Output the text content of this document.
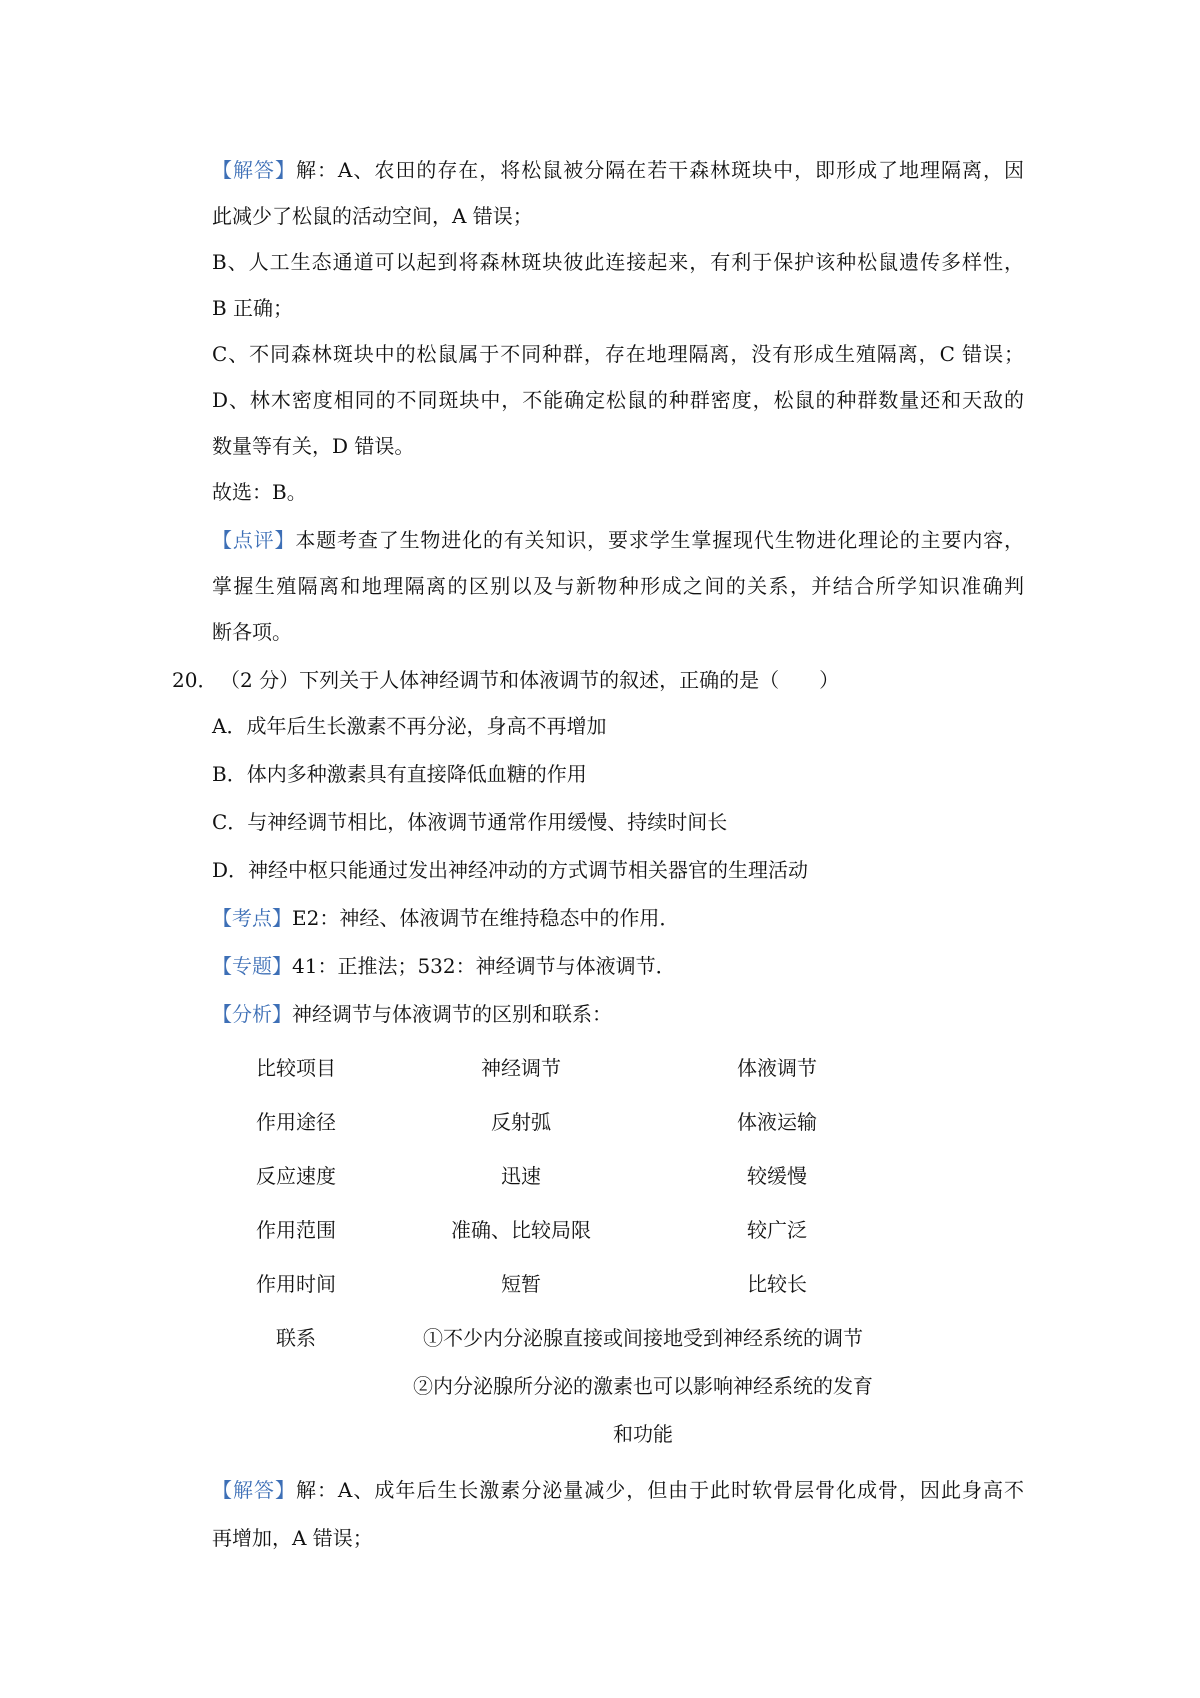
【解答】解：A、农田的存在，将松鼠被分隔在若干森林斑块中，即形成了地理隔离，因
此减少了松鼠的活动空间，A 错误；
B、人工生态通道可以起到将森林斑块彼此连接起来，有利于保护该种松鼠遗传多样性，
B 正确；
C、不同森林斑块中的松鼠属于不同种群，存在地理隔离，没有形成生殖隔离，C 错误；
D、林木密度相同的不同斑块中，不能确定松鼠的种群密度，松鼠的种群数量还和天敌的
数量等有关，D 错误。
故选：B。
【点评】本题考查了生物进化的有关知识，要求学生掌握现代生物进化理论的主要内容，
掌握生殖隔离和地理隔离的区别以及与新物种形成之间的关系，并结合所学知识准确判
断各项。
20． （2 分）下列关于人体神经调节和体液调节的叙述，正确的是（　　）
A．成年后生长激素不再分泌，身高不再增加
B．体内多种激素具有直接降低血糖的作用
C．与神经调节相比，体液调节通常作用缓慢、持续时间长
D．神经中枢只能通过发出神经冲动的方式调节相关器官的生理活动
【考点】E2：神经、体液调节在维持稳态中的作用．
【专题】41：正推法；532：神经调节与体液调节．
【分析】神经调节与体液调节的区别和联系：
比较项目	神经调节	体液调节
作用途径	反射弧	体液运输
反应速度	迅速	较缓慢
作用范围	准确、比较局限	较广泛
作用时间	短暂	比较长
联系	①不少内分泌腺直接或间接地受到神经系统的调节
②内分泌腺所分泌的激素也可以影响神经系统的发育
和功能
【解答】解：A、成年后生长激素分泌量减少，但由于此时软骨层骨化成骨，因此身高不
再增加，A 错误；
